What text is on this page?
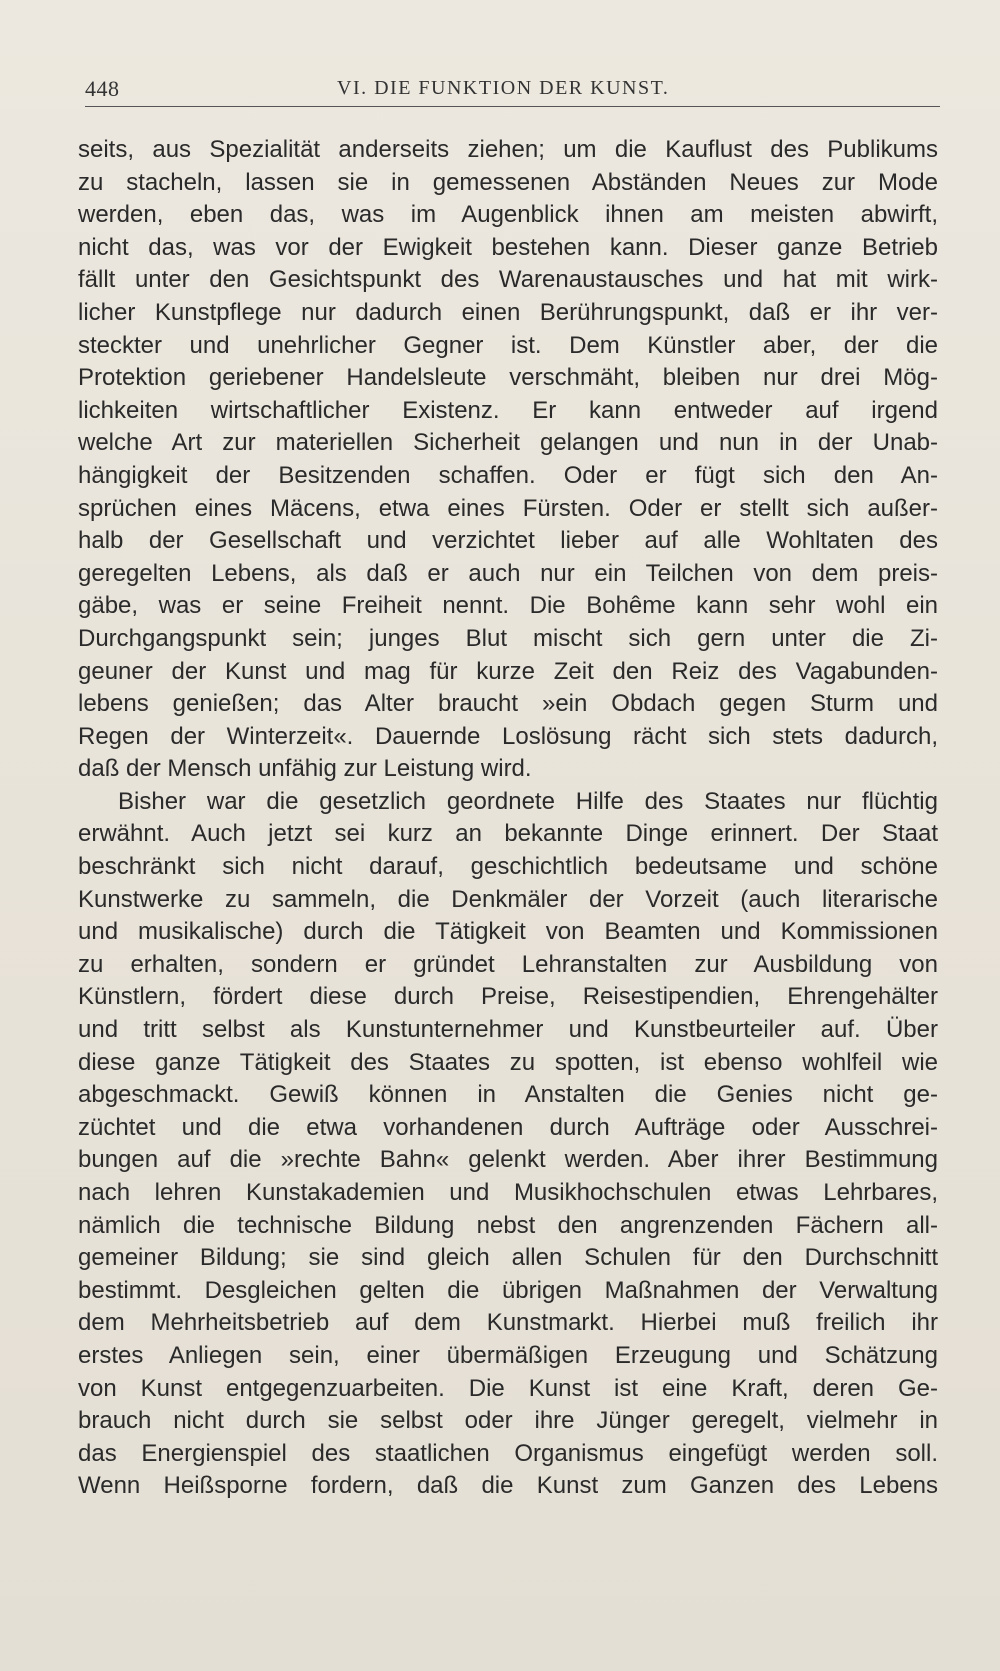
448	VI. DIE FUNKTION DER KUNST.
seits, aus Spezialität anderseits ziehen; um die Kauflust des Publikums
zu stacheln, lassen sie in gemessenen Abständen Neues zur Mode
werden, eben das, was im Augenblick ihnen am meisten abwirft,
nicht das, was vor der Ewigkeit bestehen kann. Dieser ganze Betrieb
fällt unter den Gesichtspunkt des Warenaustausches und hat mit wirk-
licher Kunstpflege nur dadurch einen Berührungspunkt, daß er ihr ver-
steckter und unehrlicher Gegner ist. Dem Künstler aber, der die
Protektion geriebener Handelsleute verschmäht, bleiben nur drei Mög-
lichkeiten wirtschaftlicher Existenz. Er kann entweder auf irgend
welche Art zur materiellen Sicherheit gelangen und nun in der Unab-
hängigkeit der Besitzenden schaffen. Oder er fügt sich den An-
sprüchen eines Mäcens, etwa eines Fürsten. Oder er stellt sich außer-
halb der Gesellschaft und verzichtet lieber auf alle Wohltaten des
geregelten Lebens, als daß er auch nur ein Teilchen von dem preis-
gäbe, was er seine Freiheit nennt. Die Bohême kann sehr wohl ein
Durchgangspunkt sein; junges Blut mischt sich gern unter die Zi-
geuner der Kunst und mag für kurze Zeit den Reiz des Vagabunden-
lebens genießen; das Alter braucht »ein Obdach gegen Sturm und
Regen der Winterzeit«. Dauernde Loslösung rächt sich stets dadurch,
daß der Mensch unfähig zur Leistung wird.
Bisher war die gesetzlich geordnete Hilfe des Staates nur flüchtig
erwähnt. Auch jetzt sei kurz an bekannte Dinge erinnert. Der Staat
beschränkt sich nicht darauf, geschichtlich bedeutsame und schöne
Kunstwerke zu sammeln, die Denkmäler der Vorzeit (auch literarische
und musikalische) durch die Tätigkeit von Beamten und Kommissionen
zu erhalten, sondern er gründet Lehranstalten zur Ausbildung von
Künstlern, fördert diese durch Preise, Reisestipendien, Ehrengehälter
und tritt selbst als Kunstunternehmer und Kunstbeurteiler auf. Über
diese ganze Tätigkeit des Staates zu spotten, ist ebenso wohlfeil wie
abgeschmackt. Gewiß können in Anstalten die Genies nicht ge-
züchtet und die etwa vorhandenen durch Aufträge oder Ausschrei-
bungen auf die »rechte Bahn« gelenkt werden. Aber ihrer Bestimmung
nach lehren Kunstakademien und Musikhochschulen etwas Lehrbares,
nämlich die technische Bildung nebst den angrenzenden Fächern all-
gemeiner Bildung; sie sind gleich allen Schulen für den Durchschnitt
bestimmt. Desgleichen gelten die übrigen Maßnahmen der Verwaltung
dem Mehrheitsbetrieb auf dem Kunstmarkt. Hierbei muß freilich ihr
erstes Anliegen sein, einer übermäßigen Erzeugung und Schätzung
von Kunst entgegenzuarbeiten. Die Kunst ist eine Kraft, deren Ge-
brauch nicht durch sie selbst oder ihre Jünger geregelt, vielmehr in
das Energienspiel des staatlichen Organismus eingefügt werden soll.
Wenn Heißsporne fordern, daß die Kunst zum Ganzen des Lebens
